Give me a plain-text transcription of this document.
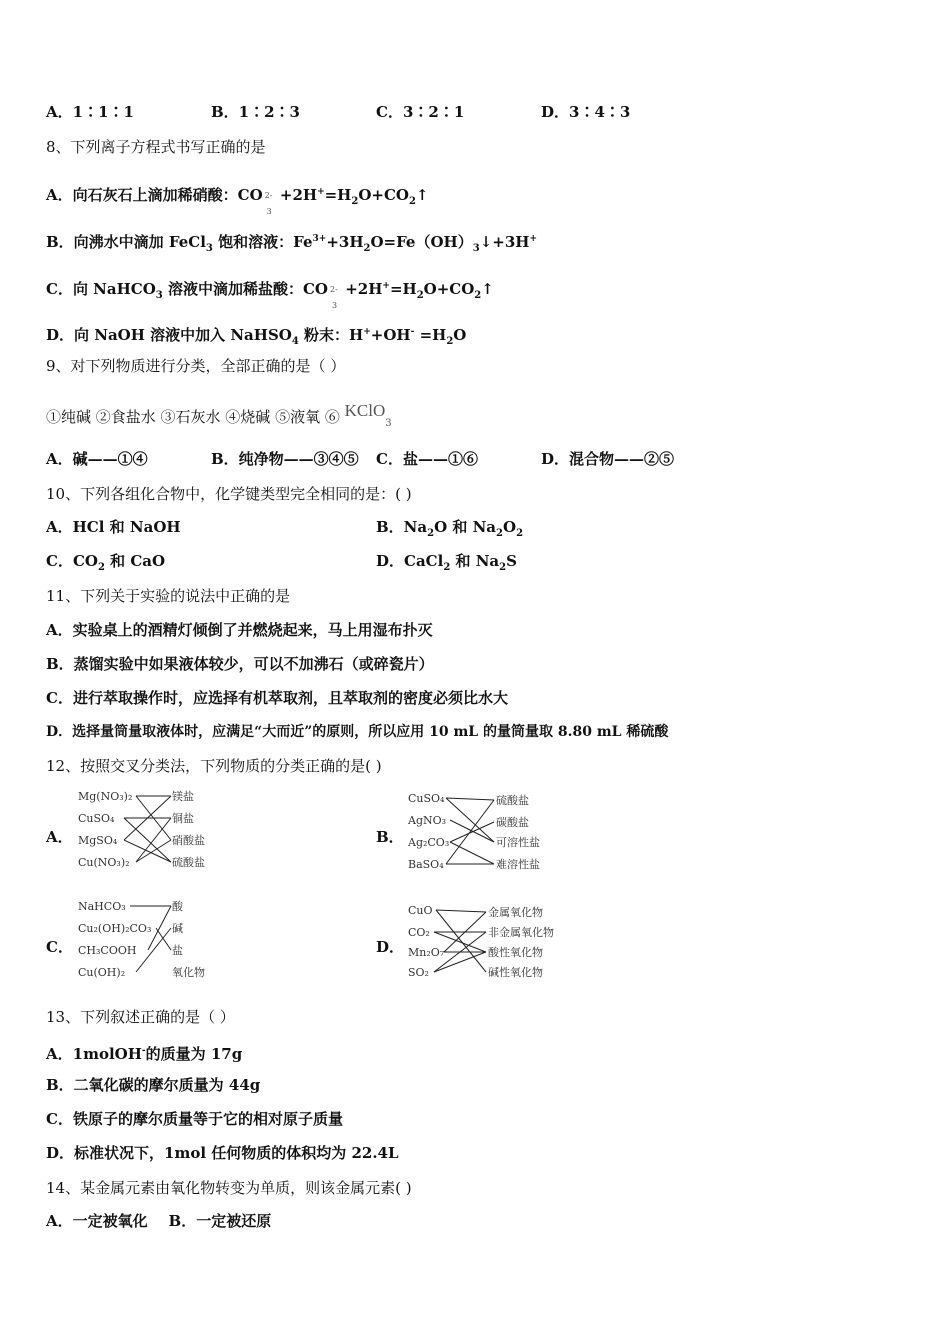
A．1∶1∶1	B．1∶2∶3	C．3∶2∶1	D．3∶4∶3
8、下列离子方程式书写正确的是
A．向石灰石上滴加稀硝酸：CO 2-
3
$+2H^+=H_2O+CO_2↑$
B．向沸水中滴加 FeCl$_3$ 饱和溶液：$Fe^{3+}+3H_2O=Fe(OH)_3↓+3H^+$
C．向 NaHCO$_3$ 溶液中滴加稀盐酸：CO 2-
3
$+2H^+=H_2O+CO_2↑$
D．向 NaOH 溶液中加入 NaHSO$_4$ 粉末：$H^++OH^- =H_2O$
9、对下列物质进行分类，全部正确的是（ ）
①纯碱 ②食盐水 ③石灰水 ④烧碱 ⑤液氧 ⑥ KClO$_3$
A．碱——①④	B．纯净物——③④⑤ C．盐——①⑥	D．混合物——②⑤
10、下列各组化合物中，化学键类型完全相同的是：( )
A．HCl 和 NaOH	B．$Na_2O$ 和 $Na_2O_2$
C．$CO_2$ 和 CaO	D．CaCl$_2$ 和 $Na_2S$
11、下列关于实验的说法中正确的是
A．实验桌上的酒精灯倾倒了并燃烧起来，马上用湿布扑灭
B．蒸馏实验中如果液体较少，可以不加沸石（或碎瓷片）
C．进行萃取操作时，应选择有机萃取剂，且萃取剂的密度必须比水大
D．选择量筒量取液体时，应满足“大而近”的原则，所以应用 10 mL 的量筒量取 8.80 mL 稀硫酸
12、按照交叉分类法，下列物质的分类正确的是( )
A．
Mg(NO₃)₂
CuSO₄
MgSO₄
Cu(NO₃)₂
镁盐
铜盐
硝酸盐
硫酸盐
B．
CuSO₄
AgNO₃
Ag₂CO₃
BaSO₄
硫酸盐
碳酸盐
可溶性盐
难溶性盐
C．
NaHCO₃
Cu₂(OH)₂CO₃
CH₃COOH
Cu(OH)₂
酸
碱
盐
氧化物
D．
CuO
CO₂
Mn₂O₇
SO₂
金属氧化物
非金属氧化物
酸性氧化物
碱性氧化物
13、下列叙述正确的是（ ）
A．1molOH-的质量为 17g
B．二氧化碳的摩尔质量为 44g
C．铁原子的摩尔质量等于它的相对原子质量
D．标准状况下，1mol 任何物质的体积均为 22.4L
14、某金属元素由氧化物转变为单质，则该金属元素( )
A．一定被氧化    B．一定被还原
